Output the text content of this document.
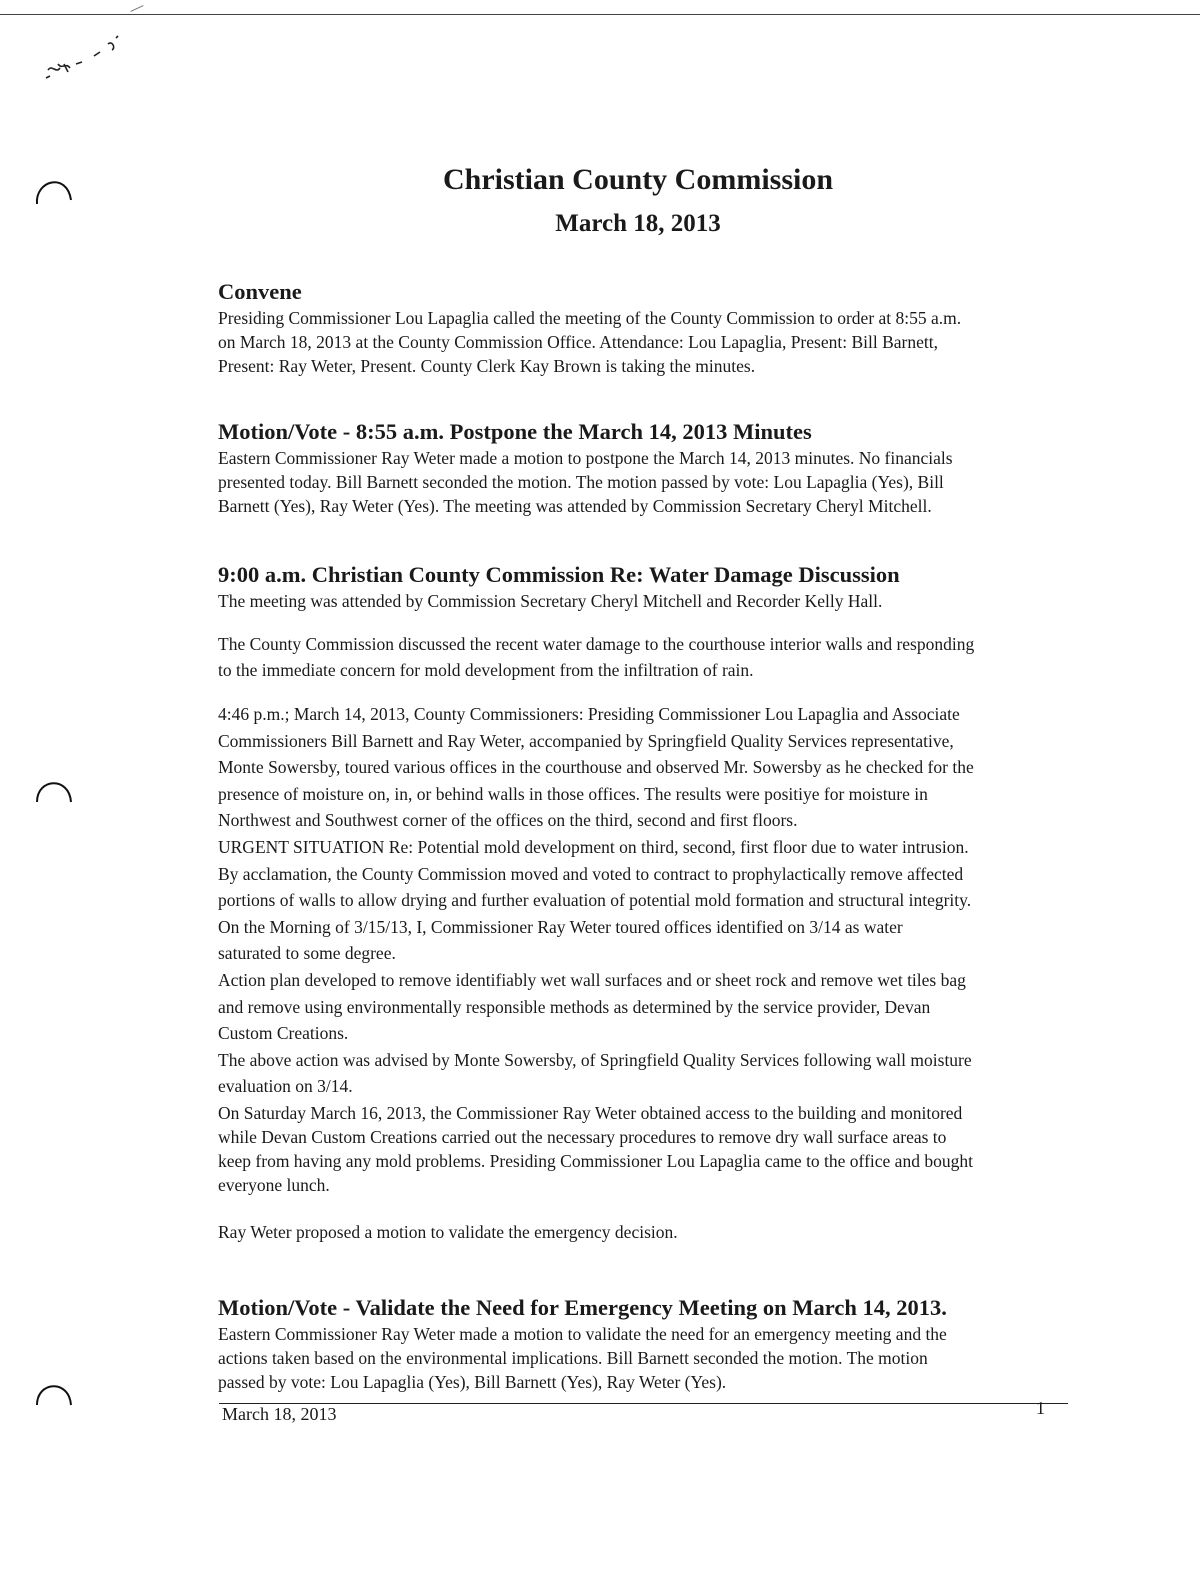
Christian County Commission
March 18, 2013
Convene

Presiding Commissioner Lou Lapaglia called the meeting of the County Commission to order at 8:55 a.m.

on March 18, 2013 at the County Commission Office. Attendance: Lou Lapaglia, Present: Bill Barnett,

Present: Ray Weter, Present. County Clerk Kay Brown is taking the minutes.

Motion/Vote - 8:55 a.m. Postpone the March 14, 2013 Minutes

Eastern Commissioner Ray Weter made a motion to postpone the March 14, 2013 minutes. No financials

presented today. Bill Barnett seconded the motion. The motion passed by vote: Lou Lapaglia (Yes), Bill

Barnett (Yes), Ray Weter (Yes). The meeting was attended by Commission Secretary Cheryl Mitchell.

9:00 a.m. Christian County Commission Re: Water Damage Discussion

The meeting was attended by Commission Secretary Cheryl Mitchell and Recorder Kelly Hall.

The County Commission discussed the recent water damage to the courthouse interior walls and responding

to the immediate concern for mold development from the infiltration of rain.

4:46 p.m.; March 14, 2013, County Commissioners: Presiding Commissioner Lou Lapaglia and Associate

Commissioners Bill Barnett and Ray Weter, accompanied by Springfield Quality Services representative,

Monte Sowersby, toured various offices in the courthouse and observed Mr. Sowersby as he checked for the

presence of moisture on, in, or behind walls in those offices. The results were positiye for moisture in

Northwest and Southwest corner of the offices on the third, second and first floors.

URGENT SITUATION Re: Potential mold development on third, second, first floor due to water intrusion.

By acclamation, the County Commission moved and voted to contract to prophylactically remove affected

portions of walls to allow drying and further evaluation of potential mold formation and structural integrity.

On the Morning of 3/15/13, I, Commissioner Ray Weter toured offices identified on 3/14 as water

saturated to some degree.

Action plan developed to remove identifiably wet wall surfaces and or sheet rock and remove wet tiles bag

and remove using environmentally responsible methods as determined by the service provider, Devan

Custom Creations.

The above action was advised by Monte Sowersby, of Springfield Quality Services following wall moisture

evaluation on 3/14.

On Saturday March 16, 2013, the Commissioner Ray Weter obtained access to the building and monitored

while Devan Custom Creations carried out the necessary procedures to remove dry wall surface areas to

keep from having any mold problems. Presiding Commissioner Lou Lapaglia came to the office and bought

everyone lunch.

Ray Weter proposed a motion to validate the emergency decision.

Motion/Vote - Validate the Need for Emergency Meeting on March 14, 2013.

Eastern Commissioner Ray Weter made a motion to validate the need for an emergency meeting and the

actions taken based on the environmental implications. Bill Barnett seconded the motion. The motion

passed by vote: Lou Lapaglia (Yes), Bill Barnett (Yes), Ray Weter (Yes).

March 18, 2013	1
